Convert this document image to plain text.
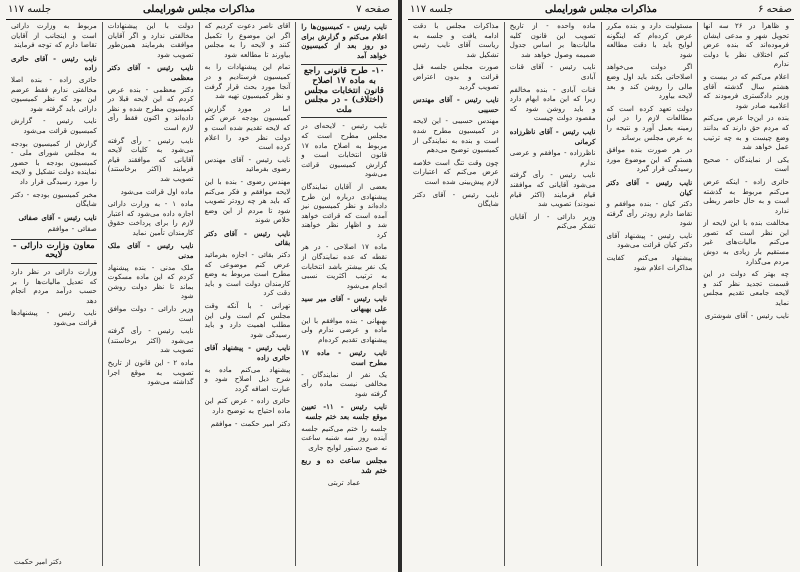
جلسه ۱۱۷	مذاکرات مجلس شورایملی	صفحه ۷

نایب رئیس - کمیسیون‌ها را اعلام می‌کنم و گزارش برای دو روز بعد از کمیسیون خواهد آمد

۱۰- طرح قانونی راجع به ماده ۱۷ اصلاح قانون انتخابات مجلس (اختلاف) - در مجلس ملت

نایب رئیس - لایحه‌ای در مجلس مطرح است که مربوط به اصلاح ماده ۱۷ قانون انتخابات است و گزارش کمیسیون قرائت می‌شود

بعضی از آقایان نمایندگان پیشنهادی درباره این طرح داده‌اند و نظر کمیسیون نیز آمده است که قرائت خواهد شد و اظهار نظر خواهند کرد

ماده ۱۷ اصلاحی - در هر نقطه که عده نمایندگان از یک نفر بیشتر باشد انتخابات به ترتیب اکثریت نسبی انجام می‌شود

نایب رئیس - آقای میر سید علی بهبهانی

بهبهانی - بنده موافقم با این ماده و عرضی ندارم ولی پیشنهادی تقدیم کرده‌ام

نایب رئیس - ماده ۱۷ مطرح است

یک نفر از نمایندگان - مخالفی نیست ماده رأی گرفته شود

نایب رئیس - ۱۱- تعیین موقع جلسه بعد ختم جلسه

جلسه را ختم می‌کنیم جلسه آینده روز سه شنبه ساعت نه صبح دستور لوایح جاری

مجلس ساعت ده و ربع ختم شد

عماد تربتی

آقای ناصر دعوت کردیم که اگر این موضوع را تکمیل کنند و لایحه را به مجلس بیاورند تا مطالعه شود

تمام این پیشنهادات را به کمیسیون فرستادیم و در آنجا مورد بحث قرار گرفت و نظر کمیسیون تهیه شد

اما در مورد گزارش کمیسیون بودجه عرض کنم که لایحه تقدیم شده است و دولت نظر خود را اعلام کرده است

نایب رئیس - آقای مهندس رضوی بفرمائید

مهندس رضوی - بنده با این لایحه موافقم و فکر می‌کنم که باید هر چه زودتر تصویب شود تا مردم از این وضع خلاص شوند

نایب رئیس - آقای دکتر بقائی

دکتر بقائی - اجازه بفرمائید عرض کنم موضوعی که مطرح است مربوط به وضع کارمندان دولت است و باید دقت کرد

تهرانی - با آنکه وقت مجلس کم است ولی این مطلب اهمیت دارد و باید رسیدگی شود

نایب رئیس - پیشنهاد آقای حائری زاده

پیشنهاد می‌کنم ماده به شرح ذیل اصلاح شود و عبارت اضافه گردد

حائری زاده - عرض کنم این ماده احتیاج به توضیح دارد

دکتر امیر حکمت - موافقم

دولت با این پیشنهادات مخالفتی ندارد و اگر آقایان موافقت بفرمایند همین‌طور تصویب شود

نایب رئیس - آقای دکتر معظمی

دکتر معظمی - بنده عرض کردم که این لایحه قبلا در کمیسیون مطرح شده و نظر داده‌اند و اکنون فقط رأی لازم است

نایب رئیس - رأی گرفته می‌شود به کلیات لایحه آقایانی که موافقند قیام فرمایند (اکثر برخاستند) تصویب شد

ماده اول قرائت می‌شود

ماده ۱ - به وزارت دارائی اجازه داده می‌شود که اعتبار لازم را برای پرداخت حقوق کارمندان تأمین نماید

نایب رئیس - آقای ملک مدنی

ملک مدنی - بنده پیشنهاد کردم که این ماده مسکوت بماند تا نظر دولت روشن شود

وزیر دارائی - دولت موافق است

نایب رئیس - رأی گرفته می‌شود (اکثر برخاستند) تصویب شد

ماده ۲ - این قانون از تاریخ تصویب به موقع اجرا گذاشته می‌شود

مربوط به وزارت دارائی است و اینجانب از آقایان تقاضا دارم که توجه فرمایند

نایب رئیس - آقای حائری زاده

حائری زاده - بنده اصلا مخالفتی ندارم فقط عرضم این بود که نظر کمیسیون دارائی باید گرفته شود

نایب رئیس - گزارش کمیسیون قرائت می‌شود

گزارش از کمیسیون بودجه به مجلس شورای ملی - کمیسیون بودجه با حضور نماینده دولت تشکیل و لایحه را مورد رسیدگی قرار داد

مخبر کمیسیون بودجه - دکتر شایگان

نایب رئیس - آقای صفائی

صفائی - موافقم

معاون وزارت دارائی - لایحه

وزارت دارائی در نظر دارد که تعدیل مالیات‌ها را بر حسب درآمد مردم انجام دهد

نایب رئیس - پیشنهادها قرائت می‌شود

دکتر امیر حکمت
جلسه ۱۱۷	مذاکرات مجلس شورایملی	صفحه ۶

و ظاهراً در ۲۶ سه آنها تحویل شهر و مدعی ایشان فرموده‌اند که بنده عرض کنم اختلاف نظر با دولت ندارم

اعلام می‌کنم که در بیست و هشتم سال گذشته آقای وزیر دادگستری فرمودند که اعلامیه صادر شود

بنده در این‌جا عرض می‌کنم که مردم حق دارند که بدانند وضع چیست و به چه ترتیب عمل خواهد شد

یکی از نمایندگان - صحیح است

حائری زاده - اینکه عرض می‌کنم مربوط به گذشته است و به حال حاضر ربطی ندارد

مخالفت بنده با این لایحه از این نظر است که تصور می‌کنم مالیات‌های غیر مستقیم بار زیادی به دوش مردم می‌گذارد

چه بهتر که دولت در این قسمت تجدید نظر کند و لایحه جامعی تقدیم مجلس نماید

نایب رئیس - آقای شوشتری

مسئولیت دارد و بنده مکرر عرض کرده‌ام که اینگونه لوایح باید با دقت مطالعه شود

اگر دولت می‌خواهد اصلاحاتی بکند باید اول وضع مالی را روشن کند و بعد لایحه بیاورد

دولت تعهد کرده است که مطالعات لازم را در این زمینه بعمل آورد و نتیجه را به عرض مجلس برساند

در هر صورت بنده موافق هستم که این موضوع مورد رسیدگی قرار گیرد

نایب رئیس - آقای دکتر کیان

دکتر کیان - بنده موافقم و تقاضا دارم زودتر رأی گرفته شود

نایب رئیس - پیشنهاد آقای دکتر کیان قرائت می‌شود

پیشنهاد می‌کنم کفایت مذاکرات اعلام شود

ماده واحده - از تاریخ تصویب این قانون کلیه مالیات‌ها بر اساس جدول ضمیمه وصول خواهد شد

نایب رئیس - آقای قنات آبادی

قنات آبادی - بنده مخالفم زیرا که این ماده ابهام دارد و باید روشن شود که مقصود دولت چیست

نایب رئیس - آقای ناظرزاده کرمانی

ناظرزاده - موافقم و عرضی ندارم

نایب رئیس - رأی گرفته می‌شود آقایانی که موافقند قیام فرمایند (اکثر قیام نمودند) تصویب شد

وزیر دارائی - از آقایان تشکر می‌کنم

مذاکرات مجلس با دقت ادامه یافت و جلسه به ریاست آقای نایب رئیس تشکیل شد

صورت مجلس جلسه قبل قرائت و بدون اعتراض تصویب گردید

نایب رئیس - آقای مهندس حسیبی

مهندس حسیبی - این لایحه در کمیسیون مطرح شده است و بنده به نمایندگی از کمیسیون توضیح می‌دهم

چون وقت تنگ است خلاصه عرض می‌کنم که اعتبارات لازم پیش‌بینی شده است

نایب رئیس - آقای دکتر شایگان
